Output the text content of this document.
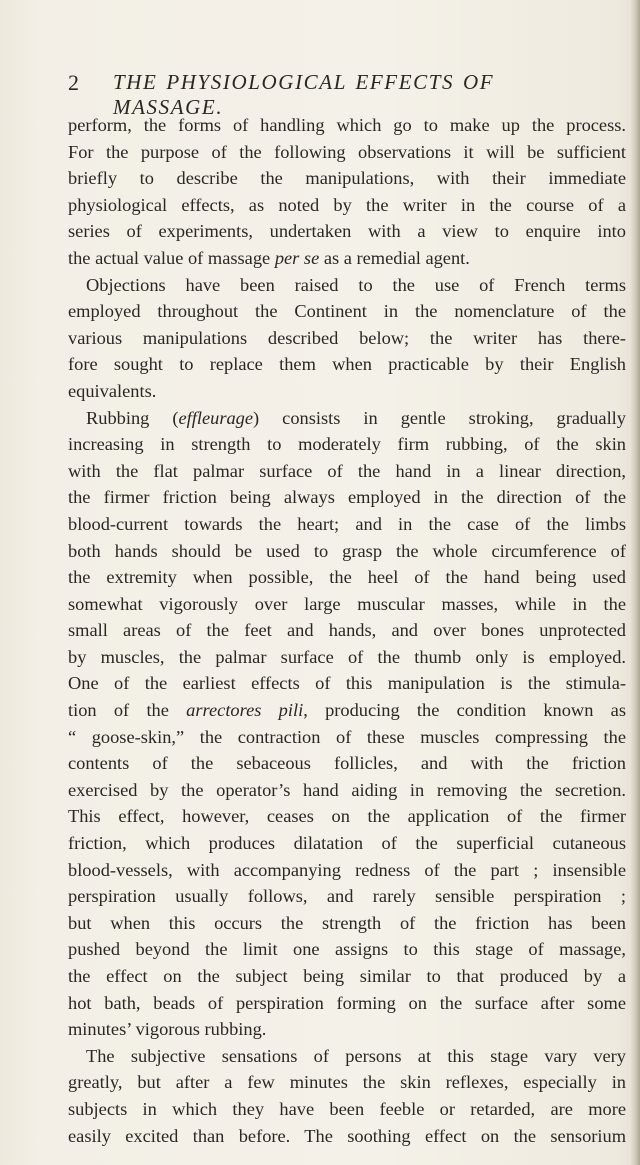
2 THE PHYSIOLOGICAL EFFECTS OF MASSAGE.
perform, the forms of handling which go to make up the process.
For the purpose of the following observations it will be sufficient
briefly to describe the manipulations, with their immediate
physiological effects, as noted by the writer in the course of a
series of experiments, undertaken with a view to enquire into
the actual value of massage per se as a remedial agent.
Objections have been raised to the use of French terms
employed throughout the Continent in the nomenclature of the
various manipulations described below; the writer has there-
fore sought to replace them when practicable by their English
equivalents.
Rubbing (effleurage) consists in gentle stroking, gradually
increasing in strength to moderately firm rubbing, of the skin
with the flat palmar surface of the hand in a linear direction,
the firmer friction being always employed in the direction of the
blood-current towards the heart; and in the case of the limbs
both hands should be used to grasp the whole circumference of
the extremity when possible, the heel of the hand being used
somewhat vigorously over large muscular masses, while in the
small areas of the feet and hands, and over bones unprotected
by muscles, the palmar surface of the thumb only is employed.
One of the earliest effects of this manipulation is the stimula-
tion of the arrectores pili, producing the condition known as
“ goose-skin,” the contraction of these muscles compressing the
contents of the sebaceous follicles, and with the friction
exercised by the operator’s hand aiding in removing the secretion.
This effect, however, ceases on the application of the firmer
friction, which produces dilatation of the superficial cutaneous
blood-vessels, with accompanying redness of the part ; insensible
perspiration usually follows, and rarely sensible perspiration ;
but when this occurs the strength of the friction has been
pushed beyond the limit one assigns to this stage of massage,
the effect on the subject being similar to that produced by a
hot bath, beads of perspiration forming on the surface after some
minutes’ vigorous rubbing.
The subjective sensations of persons at this stage vary very
greatly, but after a few minutes the skin reflexes, especially in
subjects in which they have been feeble or retarded, are more
easily excited than before. The soothing effect on the sensorium
